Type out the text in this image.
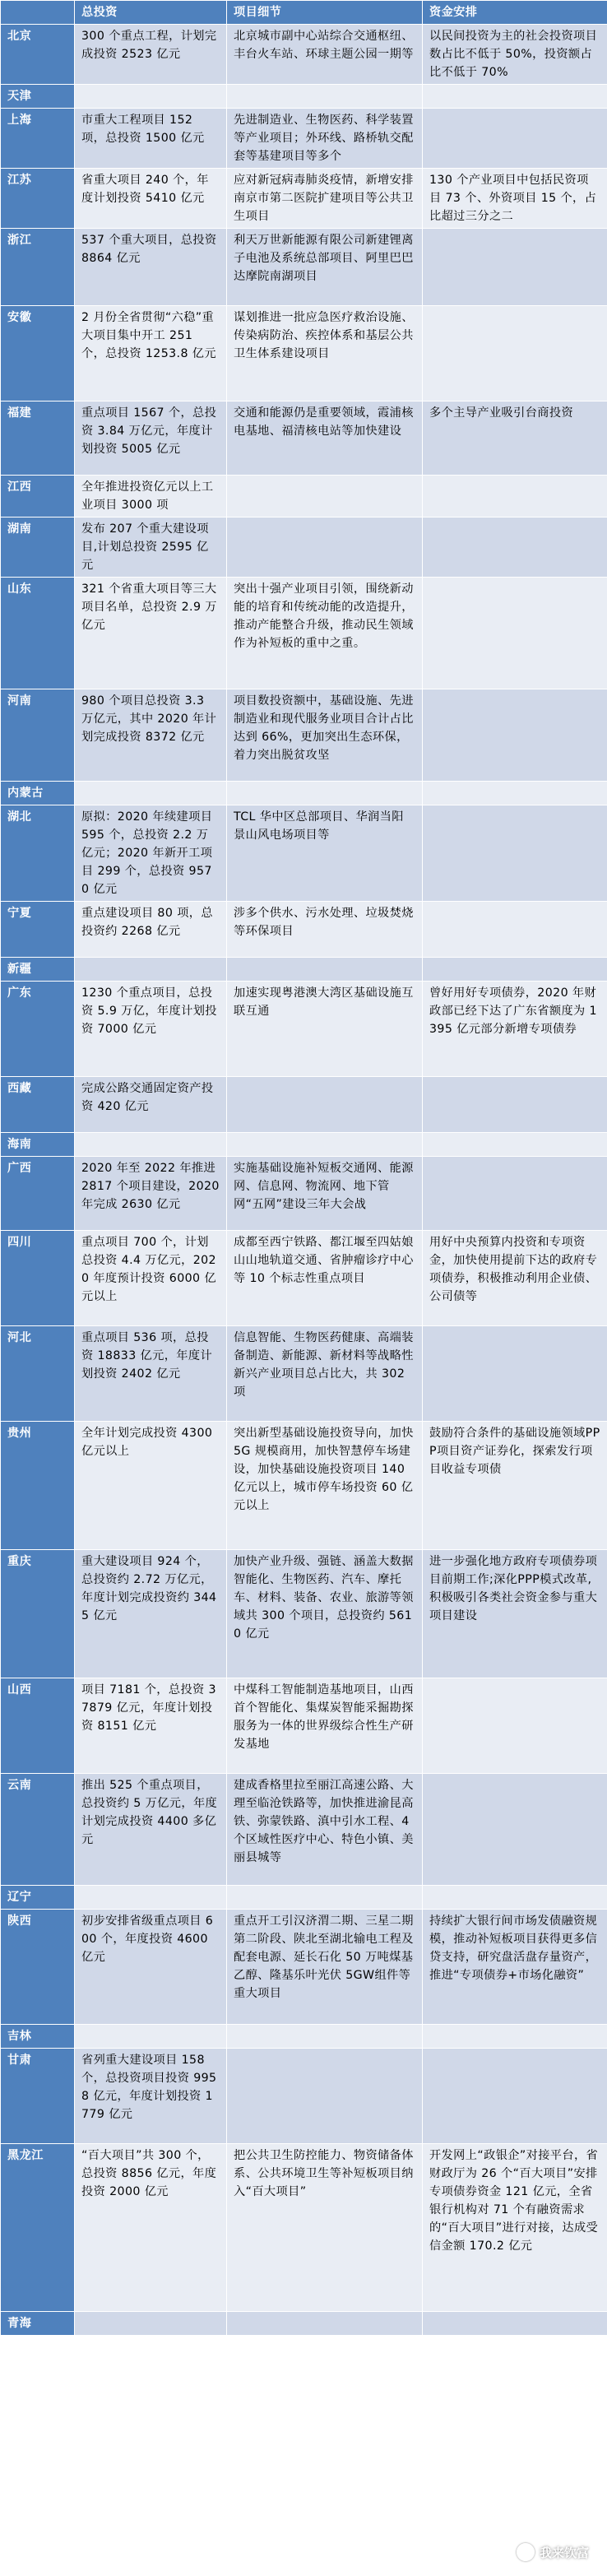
	总投资	项目细节	资金安排
北京	300 个重点工程，计划完成投资 2523 亿元	北京城市副中心站综合交通枢纽、丰台火车站、环球主题公园一期等	以民间投资为主的社会投资项目数占比不低于 50%，投资额占比不低于 70%
天津			
上海	市重大工程项目 152 项，总投资 1500 亿元	先进制造业、生物医药、科学装置等产业项目；外环线、路桥轨交配套等基建项目等多个	
江苏	省重大项目 240 个，年度计划投资 5410 亿元	应对新冠病毒肺炎疫情，新增安排南京市第二医院扩建项目等公共卫生项目	130 个产业项目中包括民资项目 73 个、外资项目 15 个，占比超过三分之二
浙江	537 个重大项目，总投资 8864 亿元	利天万世新能源有限公司新建锂离子电池及系统总部项目、阿里巴巴达摩院南湖项目	
安徽	2 月份全省贯彻“六稳”重大项目集中开工 251 个，总投资 1253.8 亿元	谋划推进一批应急医疗救治设施、传染病防治、疾控体系和基层公共卫生体系建设项目	
福建	重点项目 1567 个，总投资 3.84 万亿元，年度计划投资 5005 亿元	交通和能源仍是重要领域，霞浦核电基地、福清核电站等加快建设	多个主导产业吸引台商投资
江西	全年推进投资亿元以上工业项目 3000 项		
湖南	发布 207 个重大建设项目,计划总投资 2595 亿元		
山东	321 个省重大项目等三大项目名单，总投资 2.9 万亿元	突出十强产业项目引领，围绕新动能的培育和传统动能的改造提升，推动产能整合升级，推动民生领域作为补短板的重中之重。	
河南	980 个项目总投资 3.3 万亿元，其中 2020 年计划完成投资 8372 亿元	项目数投资额中，基础设施、先进制造业和现代服务业项目合计占比达到 66%，更加突出生态环保，着力突出脱贫攻坚	
内蒙古			
湖北	原拟：2020 年续建项目 595 个，总投资 2.2 万亿元；2020 年新开工项目 299 个，总投资 9570 亿元	TCL 华中区总部项目、华润当阳景山风电场项目等	
宁夏	重点建设项目 80 项，总投资约 2268 亿元	涉多个供水、污水处理、垃圾焚烧等环保项目	
新疆			
广东	1230 个重点项目，总投资 5.9 万亿，年度计划投资 7000 亿元	加速实现粤港澳大湾区基础设施互联互通	曾好用好专项债券，2020 年财政部已经下达了广东省额度为 1395 亿元部分新增专项债券
西藏	完成公路交通固定资产投资 420 亿元		
海南			
广西	2020 年至 2022 年推进 2817 个项目建设，2020 年完成 2630 亿元	实施基础设施补短板交通网、能源网、信息网、物流网、地下管网“五网”建设三年大会战	
四川	重点项目 700 个，计划总投资 4.4 万亿元，2020 年度预计投资 6000 亿元以上	成都至西宁铁路、都江堰至四姑娘山山地轨道交通、省肿瘤诊疗中心等 10 个标志性重点项目	用好中央预算内投资和专项资金，加快使用提前下达的政府专项债券，积极推动利用企业债、公司债等
河北	重点项目 536 项，总投资 18833 亿元，年度计划投资 2402 亿元	信息智能、生物医药健康、高端装备制造、新能源、新材料等战略性新兴产业项目总占比大，共 302 项	
贵州	全年计划完成投资 4300 亿元以上	突出新型基础设施投资导向，加快 5G 规模商用，加快智慧停车场建设，加快基础设施投资项目 140 亿元以上，城市停车场投资 60 亿元以上	鼓励符合条件的基础设施领域PPP项目资产证券化，探索发行项目收益专项债
重庆	重大建设项目 924 个，总投资约 2.72 万亿元，年度计划完成投资约 3445 亿元	加快产业升级、强链、涵盖大数据智能化、生物医药、汽车、摩托车、材料、装备、农业、旅游等领域共 300 个项目，总投资约 5610 亿元	进一步强化地方政府专项债券项目前期工作;深化PPP模式改革,积极吸引各类社会资金参与重大项目建设
山西	项目 7181 个，总投资 37879 亿元，年度计划投资 8151 亿元	中煤科工智能制造基地项目，山西首个智能化、集煤炭智能采掘勘探服务为一体的世界级综合性生产研发基地	
云南	推出 525 个重点项目，总投资约 5 万亿元，年度计划完成投资 4400 多亿元	建成香格里拉至丽江高速公路、大理至临沧铁路等，加快推进渝昆高铁、弥蒙铁路、滇中引水工程、4 个区域性医疗中心、特色小镇、美丽县城等	
辽宁			
陕西	初步安排省级重点项目 600 个，年度投资 4600 亿元	重点开工引汉济渭二期、三星二期第二阶段、陕北至湖北输电工程及配套电源、延长石化 50 万吨煤基乙醇、隆基乐叶光伏 5GW组件等重大项目	持续扩大银行间市场发债融资规模，推动补短板项目获得更多信贷支持，研究盘活盘存量资产，推进“专项债券+市场化融资”
吉林			
甘肃	省列重大建设项目 158 个，总投资项目投资 9958 亿元，年度计划投资 1779 亿元		
黑龙江	“百大项目”共 300 个，总投资 8856 亿元，年度投资 2000 亿元	把公共卫生防控能力、物资储备体系、公共环境卫生等补短板项目纳入“百大项目”	开发网上“政银企”对接平台，省财政厅为 26 个“百大项目”安排专项债券资金 121 亿元，全省银行机构对 71 个有融资需求的“百大项目”进行对接，达成受信金额 170.2 亿元
青海			
我来钦富
